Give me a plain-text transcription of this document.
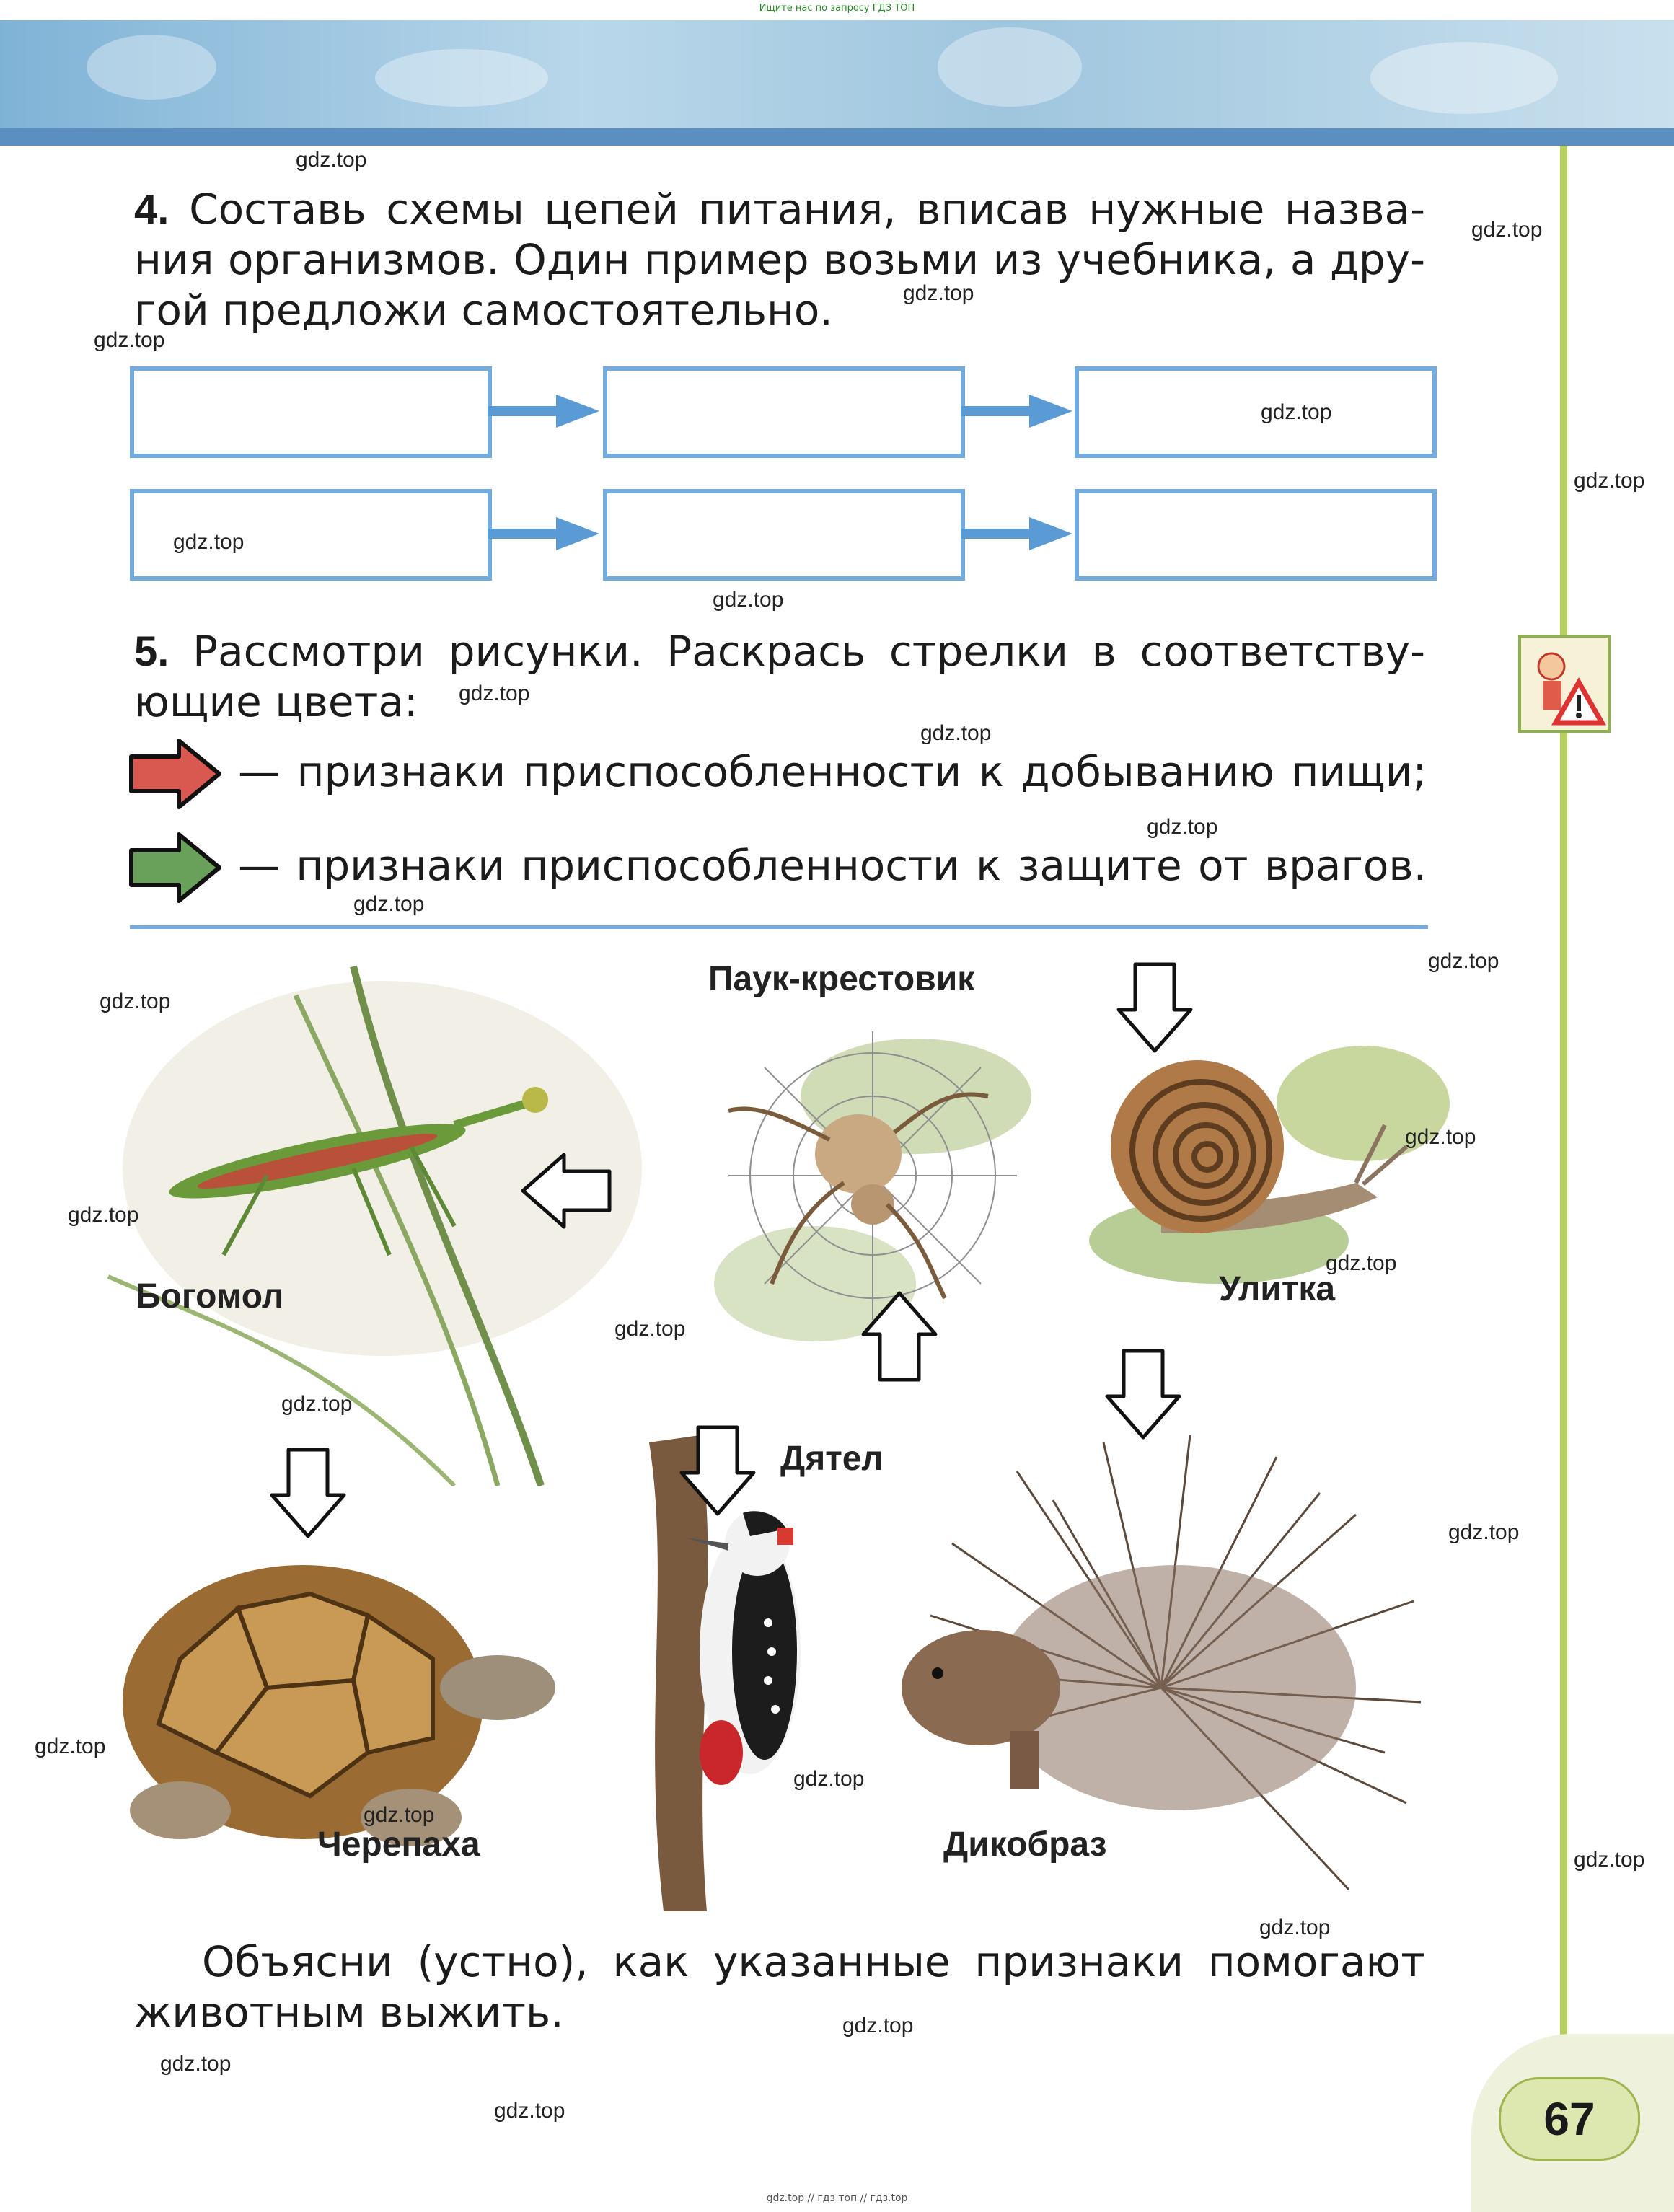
Ищите нас по запросу ГДЗ ТОП
4. Составь схемы цепей питания, вписав нужные назва-
ния организмов. Один пример возьми из учебника, а дру-
гой предложи самостоятельно.
5. Рассмотри рисунки. Раскрась стрелки в соответству-
ющие цвета:
— признаки приспособленности к добыванию пищи;
— признаки приспособленности к защите от врагов.
Богомол
Паук-крестовик
Улитка
Черепаха
Дятел
Дикобраз
Объясни (устно), как указанные признаки помогают
животным выжить.
67
gdz.top
gdz.top
gdz.top
gdz.top
gdz.top
gdz.top
gdz.top
gdz.top
gdz.top
gdz.top
gdz.top
gdz.top
gdz.top
gdz.top
gdz.top
gdz.top
gdz.top
gdz.top
gdz.top
gdz.top
gdz.top
gdz.top
gdz.top
gdz.top
gdz.top
gdz.top
gdz.top
gdz.top
gdz.top // гдз топ // гдз.top
